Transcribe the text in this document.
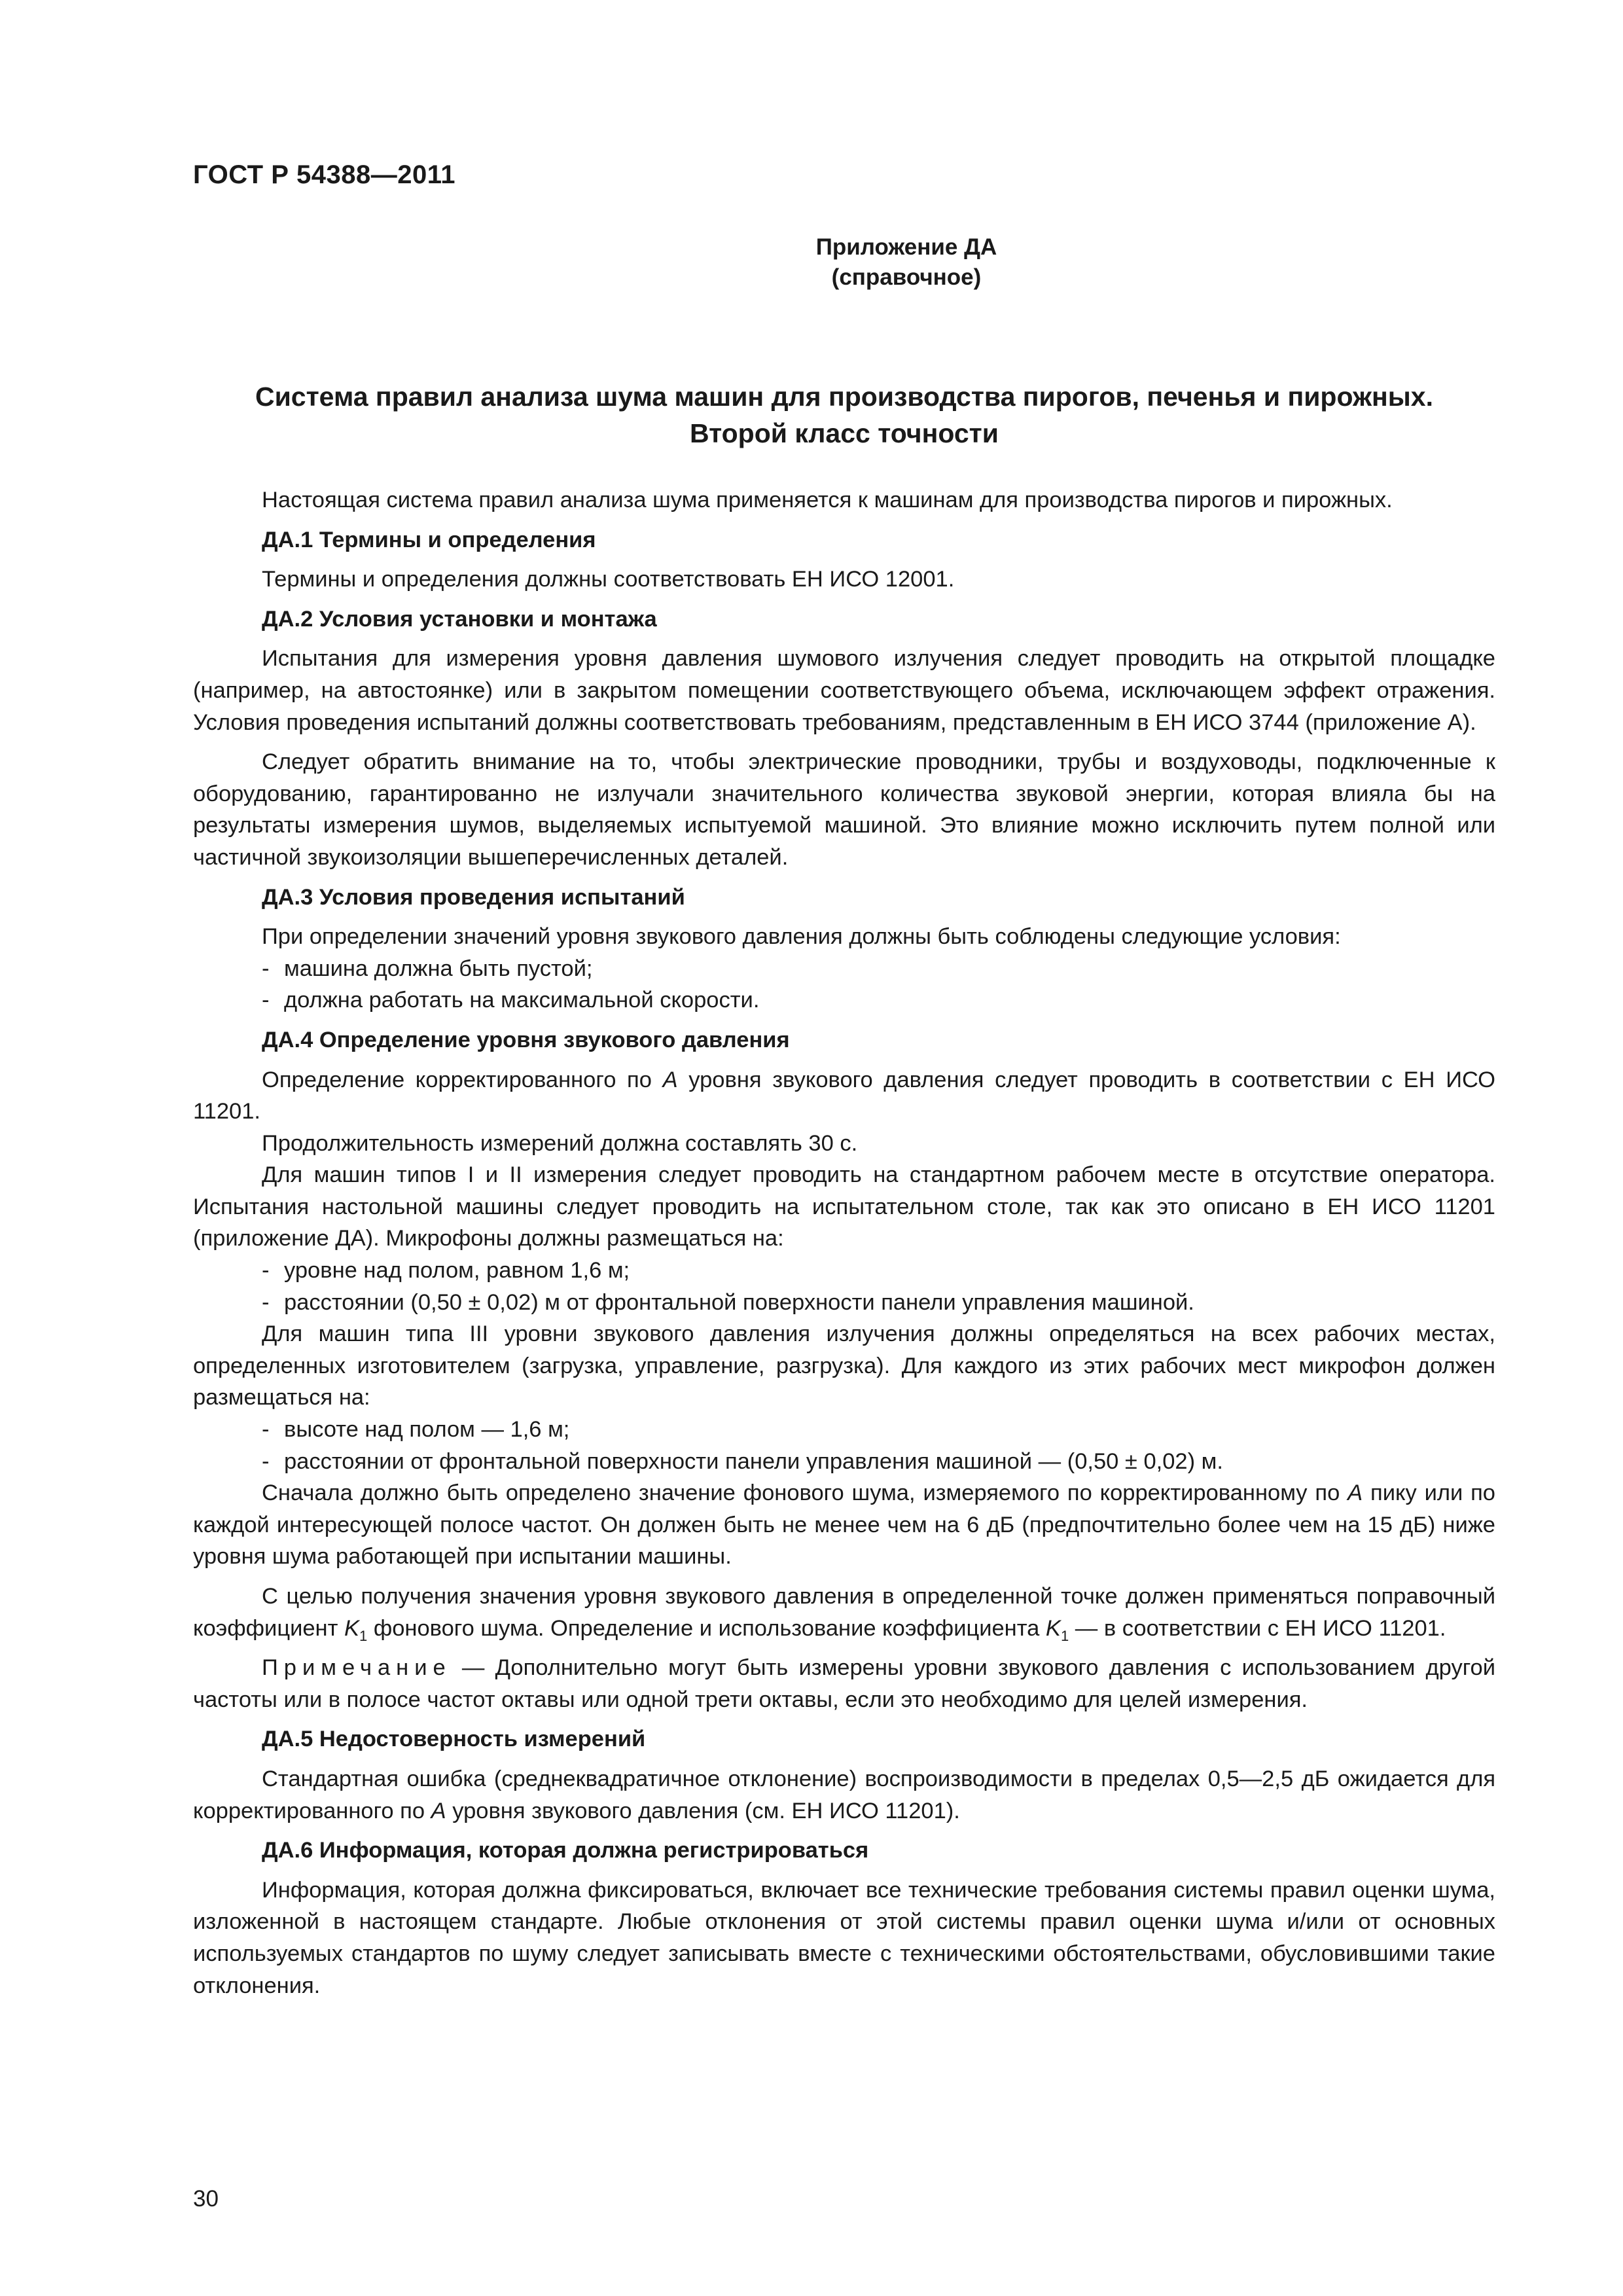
ГОСТ Р 54388—2011
Приложение ДА
(справочное)
Система правил анализа шума машин для производства пирогов, печенья и пирожных.
Второй класс точности

Настоящая система правил анализа шума применяется к машинам для производства пирогов и пирожных.

ДА.1 Термины и определения

Термины и определения должны соответствовать ЕН ИСО 12001.

ДА.2 Условия установки и монтажа

Испытания для измерения уровня давления шумового излучения следует проводить на открытой площадке (например, на автостоянке) или в закрытом помещении соответствующего объема, исключающем эффект отражения. Условия проведения испытаний должны соответствовать требованиям, представленным в ЕН ИСО 3744 (приложение А).

Следует обратить внимание на то, чтобы электрические проводники, трубы и воздуховоды, подключенные к оборудованию, гарантированно не излучали значительного количества звуковой энергии, которая влияла бы на результаты измерения шумов, выделяемых испытуемой машиной. Это влияние можно исключить путем полной или частичной звукоизоляции вышеперечисленных деталей.

ДА.3 Условия проведения испытаний

При определении значений уровня звукового давления должны быть соблюдены следующие условия:

- машина должна быть пустой;
- должна работать на максимальной скорости.
ДА.4 Определение уровня звукового давления

Определение корректированного по А уровня звукового давления следует проводить в соответствии с ЕН ИСО 11201.

Продолжительность измерений должна составлять 30 с.

Для машин типов I и II измерения следует проводить на стандартном рабочем месте в отсутствие оператора. Испытания настольной машины следует проводить на испытательном столе, так как это описано в ЕН ИСО 11201 (приложение ДА). Микрофоны должны размещаться на:

- уровне над полом, равном 1,6 м;
- расстоянии (0,50 ± 0,02) м от фронтальной поверхности панели управления машиной.

Для машин типа III уровни звукового давления излучения должны определяться на всех рабочих местах, определенных изготовителем (загрузка, управление, разгрузка). Для каждого из этих рабочих мест микрофон должен размещаться на:

- высоте над полом — 1,6 м;
- расстоянии от фронтальной поверхности панели управления машиной — (0,50 ± 0,02) м.

Сначала должно быть определено значение фонового шума, измеряемого по корректированному по А пику или по каждой интересующей полосе частот. Он должен быть не менее чем на 6 дБ (предпочтительно более чем на 15 дБ) ниже уровня шума работающей при испытании машины.

С целью получения значения уровня звукового давления в определенной точке должен применяться поправочный коэффициент $K_1$ фонового шума. Определение и использование коэффициента $K_1$ — в соответствии с ЕН ИСО 11201.

Примечание — Дополнительно могут быть измерены уровни звукового давления с использованием другой частоты или в полосе частот октавы или одной трети октавы, если это необходимо для целей измерения.

ДА.5 Недостоверность измерений

Стандартная ошибка (среднеквадратичное отклонение) воспроизводимости в пределах 0,5—2,5 дБ ожидается для корректированного по А уровня звукового давления (см. ЕН ИСО 11201).

ДА.6 Информация, которая должна регистрироваться

Информация, которая должна фиксироваться, включает все технические требования системы правил оценки шума, изложенной в настоящем стандарте. Любые отклонения от этой системы правил оценки шума и/или от основных используемых стандартов по шуму следует записывать вместе с техническими обстоятельствами, обусловившими такие отклонения.

30
